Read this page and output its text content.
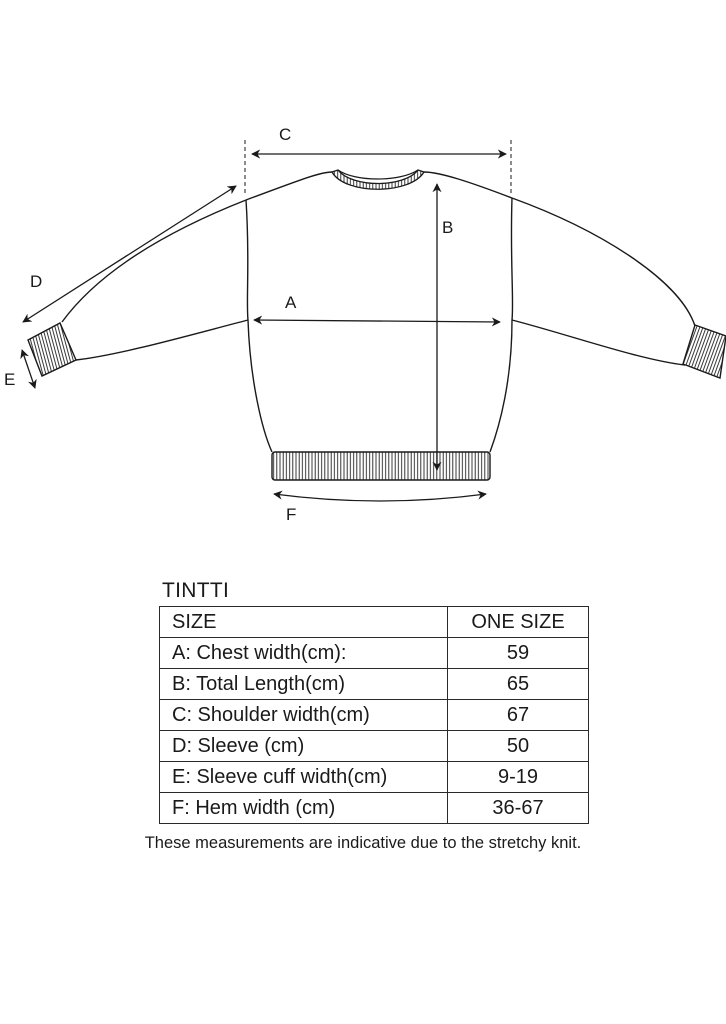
C
B
A
D
E
F
TINTTI
SIZE	ONE SIZE
A: Chest width(cm):	59
B: Total Length(cm)	65
C: Shoulder width(cm)	67
D: Sleeve (cm)	50
E: Sleeve cuff width(cm)	9-19
F: Hem width (cm)	36-67
These measurements are indicative due to the stretchy knit.
